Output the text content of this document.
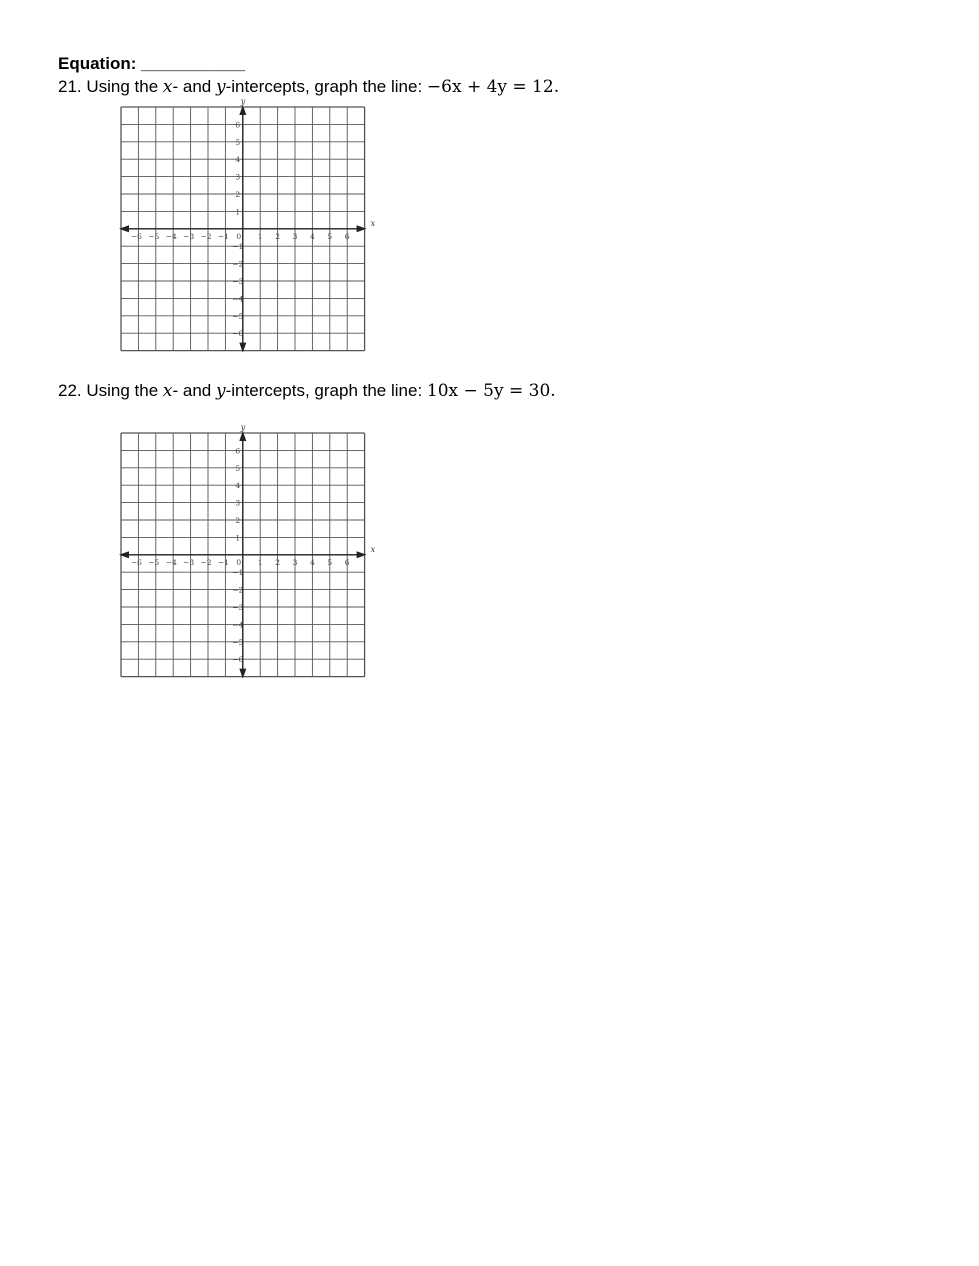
Equation: ___________
21. Using the x- and y-intercepts, graph the line: −6x + 4y = 12.
x
y
−6 −5 −4 −3 −2 −1 0 1 2 3 4 5 6
1
2
3
4
5
6
−1
−2
−3
−4
−5
−6
22. Using the x- and y-intercepts, graph the line: 10x − 5y = 30.
x
y
−6 −5 −4 −3 −2 −1 0 1 2 3 4 5 6
1
2
3
4
5
6
−1
−2
−3
−4
−5
−6
